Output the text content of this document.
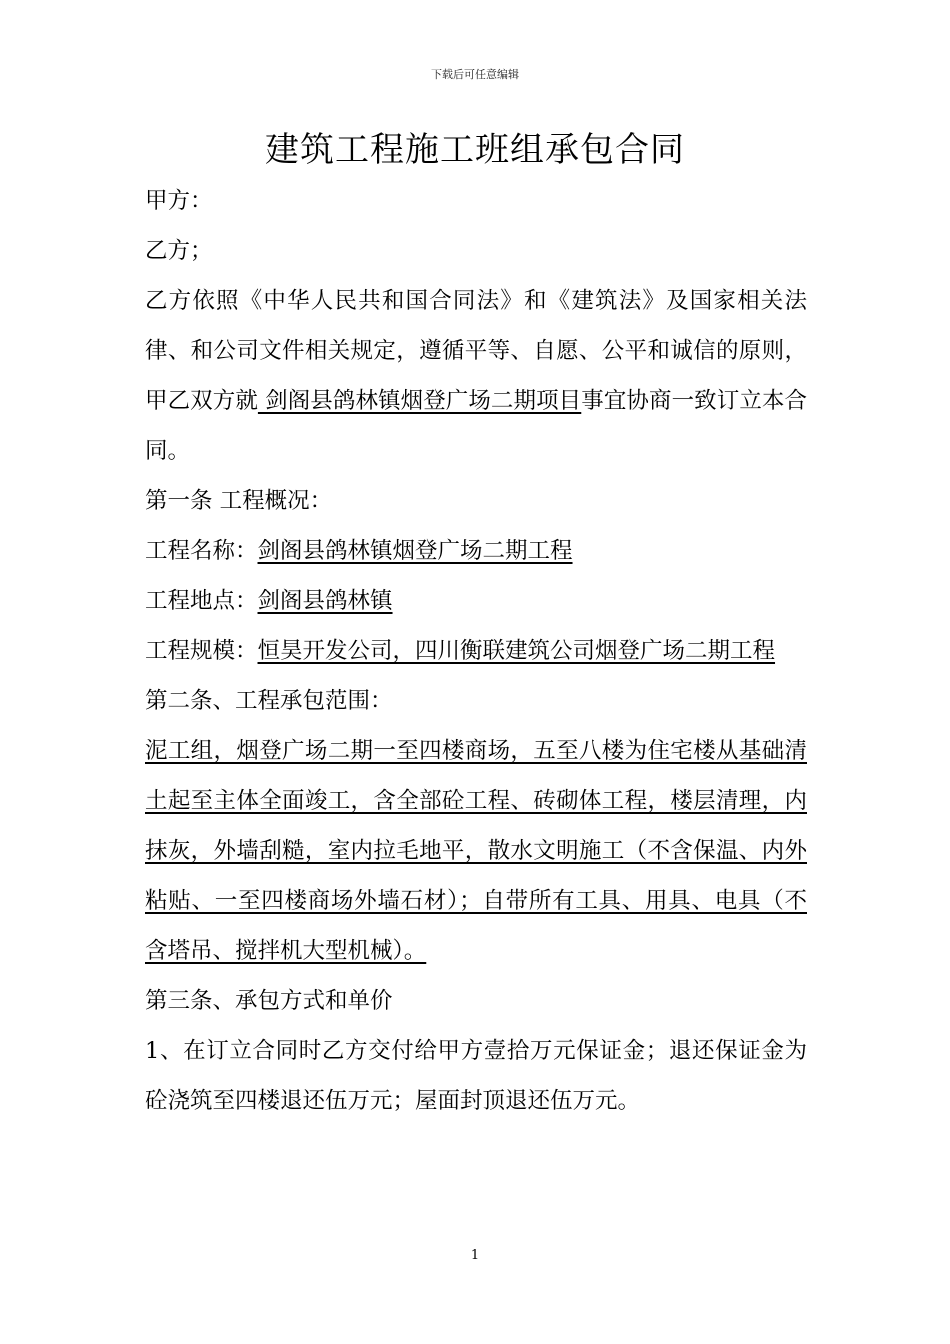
下载后可任意编辑
建筑工程施工班组承包合同

甲方：

乙方；

乙方依照《中华人民共和国合同法》和《建筑法》及国家相关法律、和公司文件相关规定，遵循平等、自愿、公平和诚信的原则，甲乙双方就 剑阁县鸽林镇烟登广场二期项目事宜协商一致订立本合同。

第一条 工程概况：

工程名称：剑阁县鸽林镇烟登广场二期工程

工程地点：剑阁县鸽林镇

工程规模：恒昊开发公司，四川衡联建筑公司烟登广场二期工程

第二条、工程承包范围：

泥工组，烟登广场二期一至四楼商场，五至八楼为住宅楼从基础清土起至主体全面竣工，含全部砼工程、砖砌体工程，楼层清理，内抹灰，外墙刮糙，室内拉毛地平，散水文明施工（不含保温、内外粘贴、一至四楼商场外墙石材）；自带所有工具、用具、电具（不含塔吊、搅拌机大型机械）。

第三条、承包方式和单价

1、在订立合同时乙方交付给甲方壹拾万元保证金；退还保证金为砼浇筑至四楼退还伍万元；屋面封顶退还伍万元。

1
